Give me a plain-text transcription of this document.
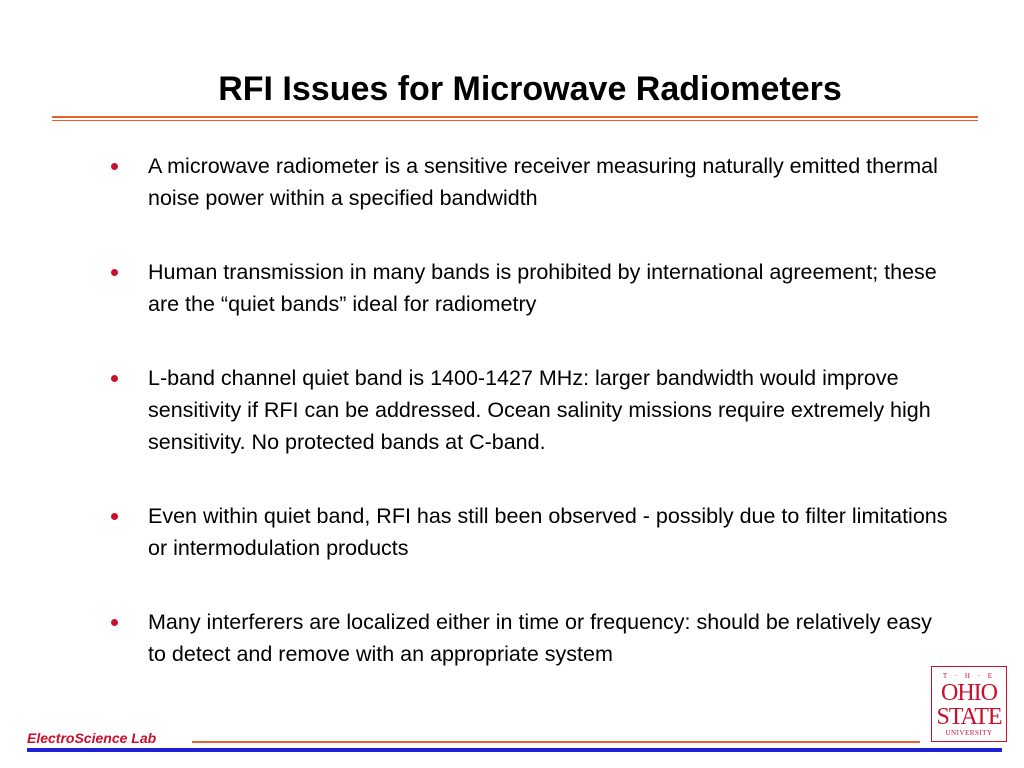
RFI Issues for Microwave Radiometers
A microwave radiometer is a sensitive receiver measuring naturally emitted thermal noise power within a specified bandwidth
Human transmission in many bands is prohibited by international agreement; these are the “quiet bands” ideal for radiometry
L-band channel quiet band is 1400-1427 MHz: larger bandwidth would improve sensitivity if RFI can be addressed. Ocean salinity missions require extremely high sensitivity. No protected bands at C-band.
Even within quiet band, RFI has still been observed - possibly due to filter limitations or intermodulation products
Many interferers are localized either in time or frequency: should be relatively easy to detect and remove with an appropriate system
ElectroScience Lab
T · H · E
OHIO
STATE
UNIVERSITY
